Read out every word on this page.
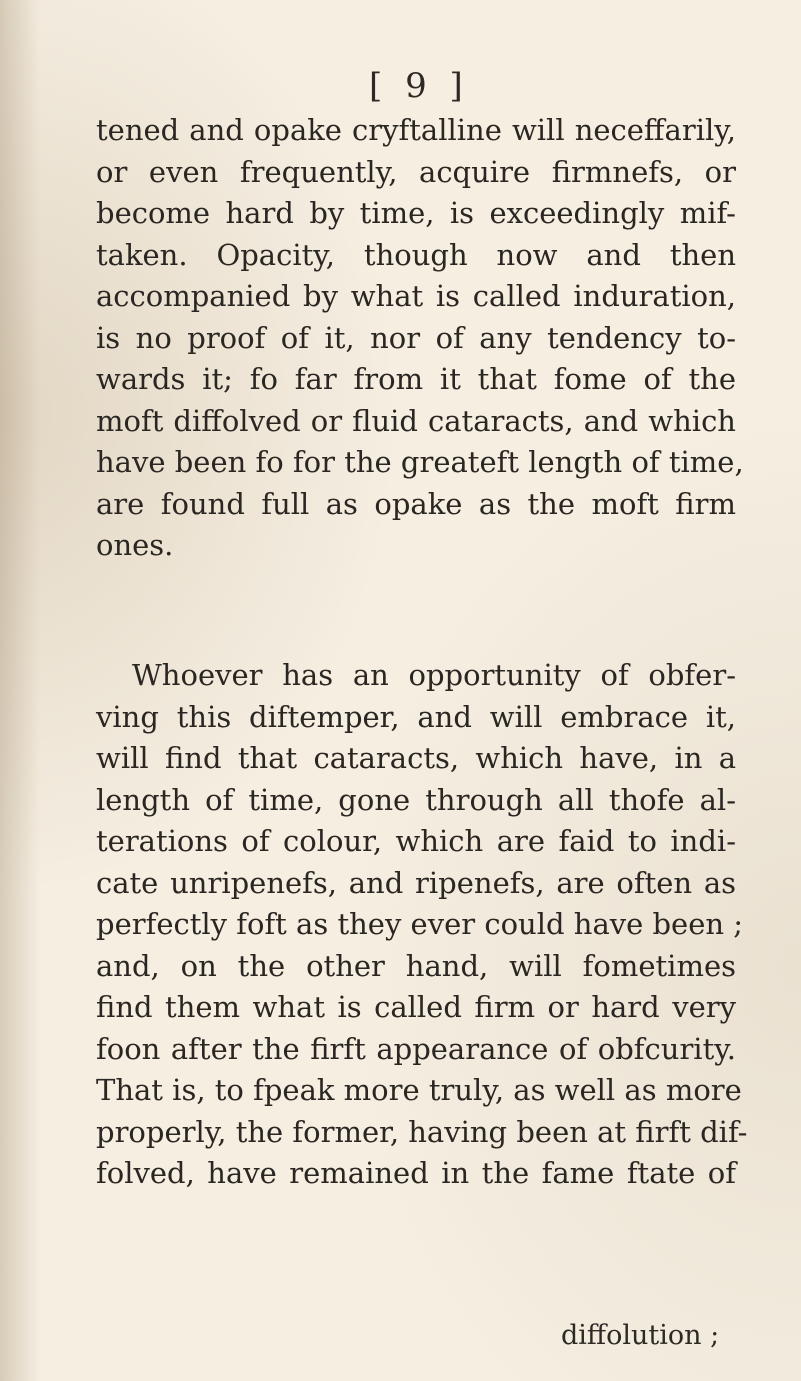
[ 9 ]
tened and opake cryftalline will neceffarily,
or even frequently, acquire firmnefs, or
become hard by time, is exceedingly mif-
taken. Opacity, though now and then
accompanied by what is called induration,
is no proof of it, nor of any tendency to-
wards it; fo far from it that fome of the
moft diffolved or fluid cataracts, and which
have been fo for the greateft length of time,
are found full as opake as the moft firm
ones.
Whoever has an opportunity of obfer-
ving this diftemper, and will embrace it,
will find that cataracts, which have, in a
length of time, gone through all thofe al-
terations of colour, which are faid to indi-
cate unripenefs, and ripenefs, are often as
perfectly foft as they ever could have been ;
and, on the other hand, will fometimes
find them what is called firm or hard very
foon after the firft appearance of obfcurity.
That is, to fpeak more truly, as well as more
properly, the former, having been at firft dif-
folved, have remained in the fame ftate of
diffolution ;
